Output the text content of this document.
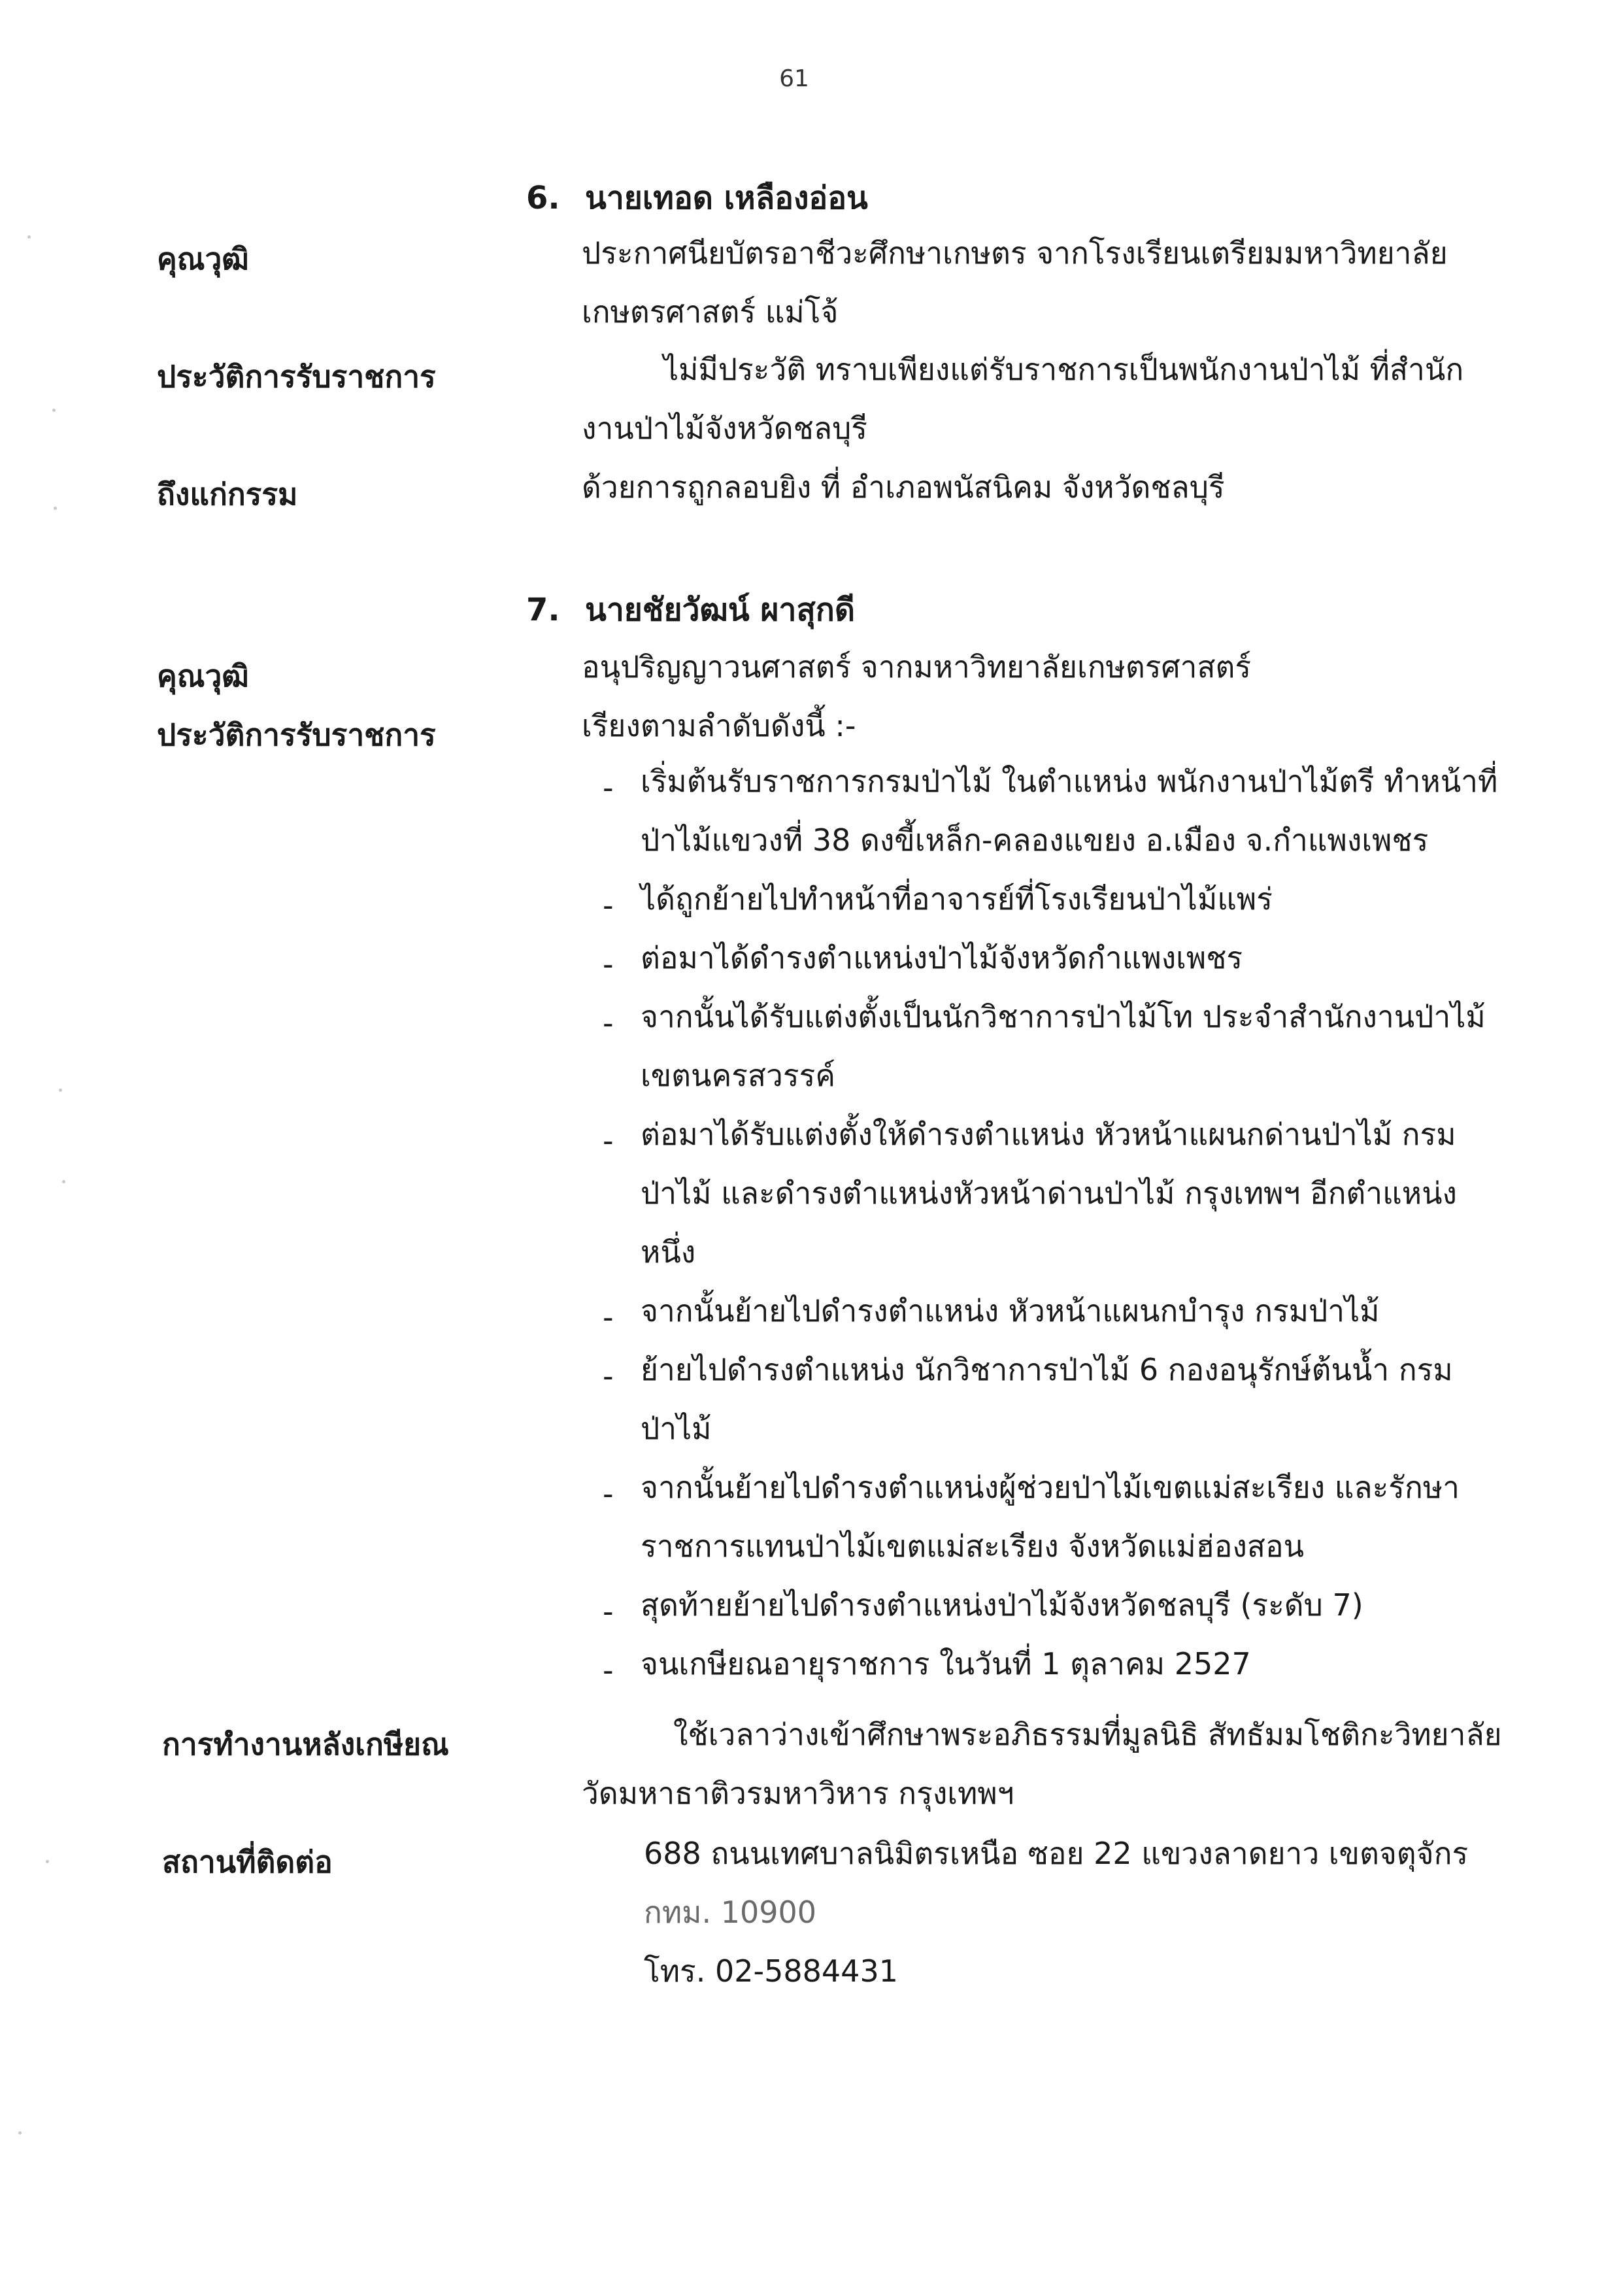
61
6. นายเทอด เหลืองอ่อน
คุณวุฒิ	ประกาศนียบัตรอาชีวะศึกษาเกษตร จากโรงเรียนเตรียมมหาวิทยาลัย
เกษตรศาสตร์ แม่โจ้
ประวัติการรับราชการ	ไม่มีประวัติ ทราบเพียงแต่รับราชการเป็นพนักงานป่าไม้ ที่สำนัก
งานป่าไม้จังหวัดชลบุรี
ถึงแก่กรรม	ด้วยการถูกลอบยิง ที่ อำเภอพนัสนิคม จังหวัดชลบุรี
7. นายชัยวัฒน์ ผาสุกดี
คุณวุฒิ	อนุปริญญาวนศาสตร์ จากมหาวิทยาลัยเกษตรศาสตร์
ประวัติการรับราชการ	เรียงตามลำดับดังนี้ :-
- เริ่มต้นรับราชการกรมป่าไม้ ในตำแหน่ง พนักงานป่าไม้ตรี ทำหน้าที่
ป่าไม้แขวงที่ 38 ดงขี้เหล็ก-คลองแขยง อ.เมือง จ.กำแพงเพชร
- ได้ถูกย้ายไปทำหน้าที่อาจารย์ที่โรงเรียนป่าไม้แพร่
- ต่อมาได้ดำรงตำแหน่งป่าไม้จังหวัดกำแพงเพชร
- จากนั้นได้รับแต่งตั้งเป็นนักวิชาการป่าไม้โท ประจำสำนักงานป่าไม้
เขตนครสวรรค์
- ต่อมาได้รับแต่งตั้งให้ดำรงตำแหน่ง หัวหน้าแผนกด่านป่าไม้ กรม
ป่าไม้ และดำรงตำแหน่งหัวหน้าด่านป่าไม้ กรุงเทพฯ อีกตำแหน่ง
หนึ่ง
- จากนั้นย้ายไปดำรงตำแหน่ง หัวหน้าแผนกบำรุง กรมป่าไม้
- ย้ายไปดำรงตำแหน่ง นักวิชาการป่าไม้ 6 กองอนุรักษ์ต้นน้ำ กรม
ป่าไม้
- จากนั้นย้ายไปดำรงตำแหน่งผู้ช่วยป่าไม้เขตแม่สะเรียง และรักษา
ราชการแทนป่าไม้เขตแม่สะเรียง จังหวัดแม่ฮ่องสอน
- สุดท้ายย้ายไปดำรงตำแหน่งป่าไม้จังหวัดชลบุรี (ระดับ 7)
- จนเกษียณอายุราชการ ในวันที่ 1 ตุลาคม 2527
การทำงานหลังเกษียณ	ใช้เวลาว่างเข้าศึกษาพระอภิธรรมที่มูลนิธิ สัทธัมมโชติกะวิทยาลัย
วัดมหาธาติวรมหาวิหาร กรุงเทพฯ
สถานที่ติดต่อ	688 ถนนเทศบาลนิมิตรเหนือ ซอย 22 แขวงลาดยาว เขตจตุจักร
กทม. 10900
โทร. 02-5884431
